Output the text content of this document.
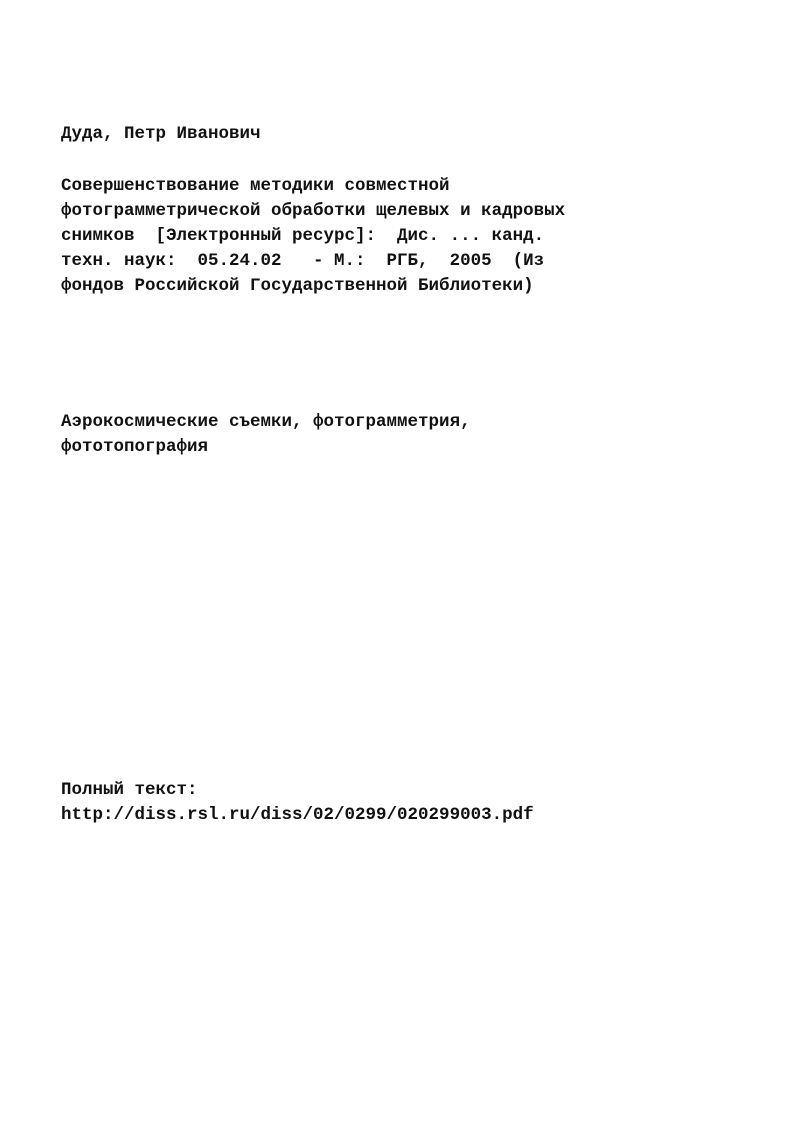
Дуда, Петр Иванович

Совершенствование методики совместной

фотограмметрической обработки щелевых и кадровых

снимков  [Электронный ресурс]:  Дис. ... канд.

техн. наук:  05.24.02   - М.:  РГБ,  2005  (Из

фондов Российской Государственной Библиотеки)

Аэрокосмические съемки, фотограмметрия,

фототопография

Полный текст:

http://diss.rsl.ru/diss/02/0299/020299003.pdf
